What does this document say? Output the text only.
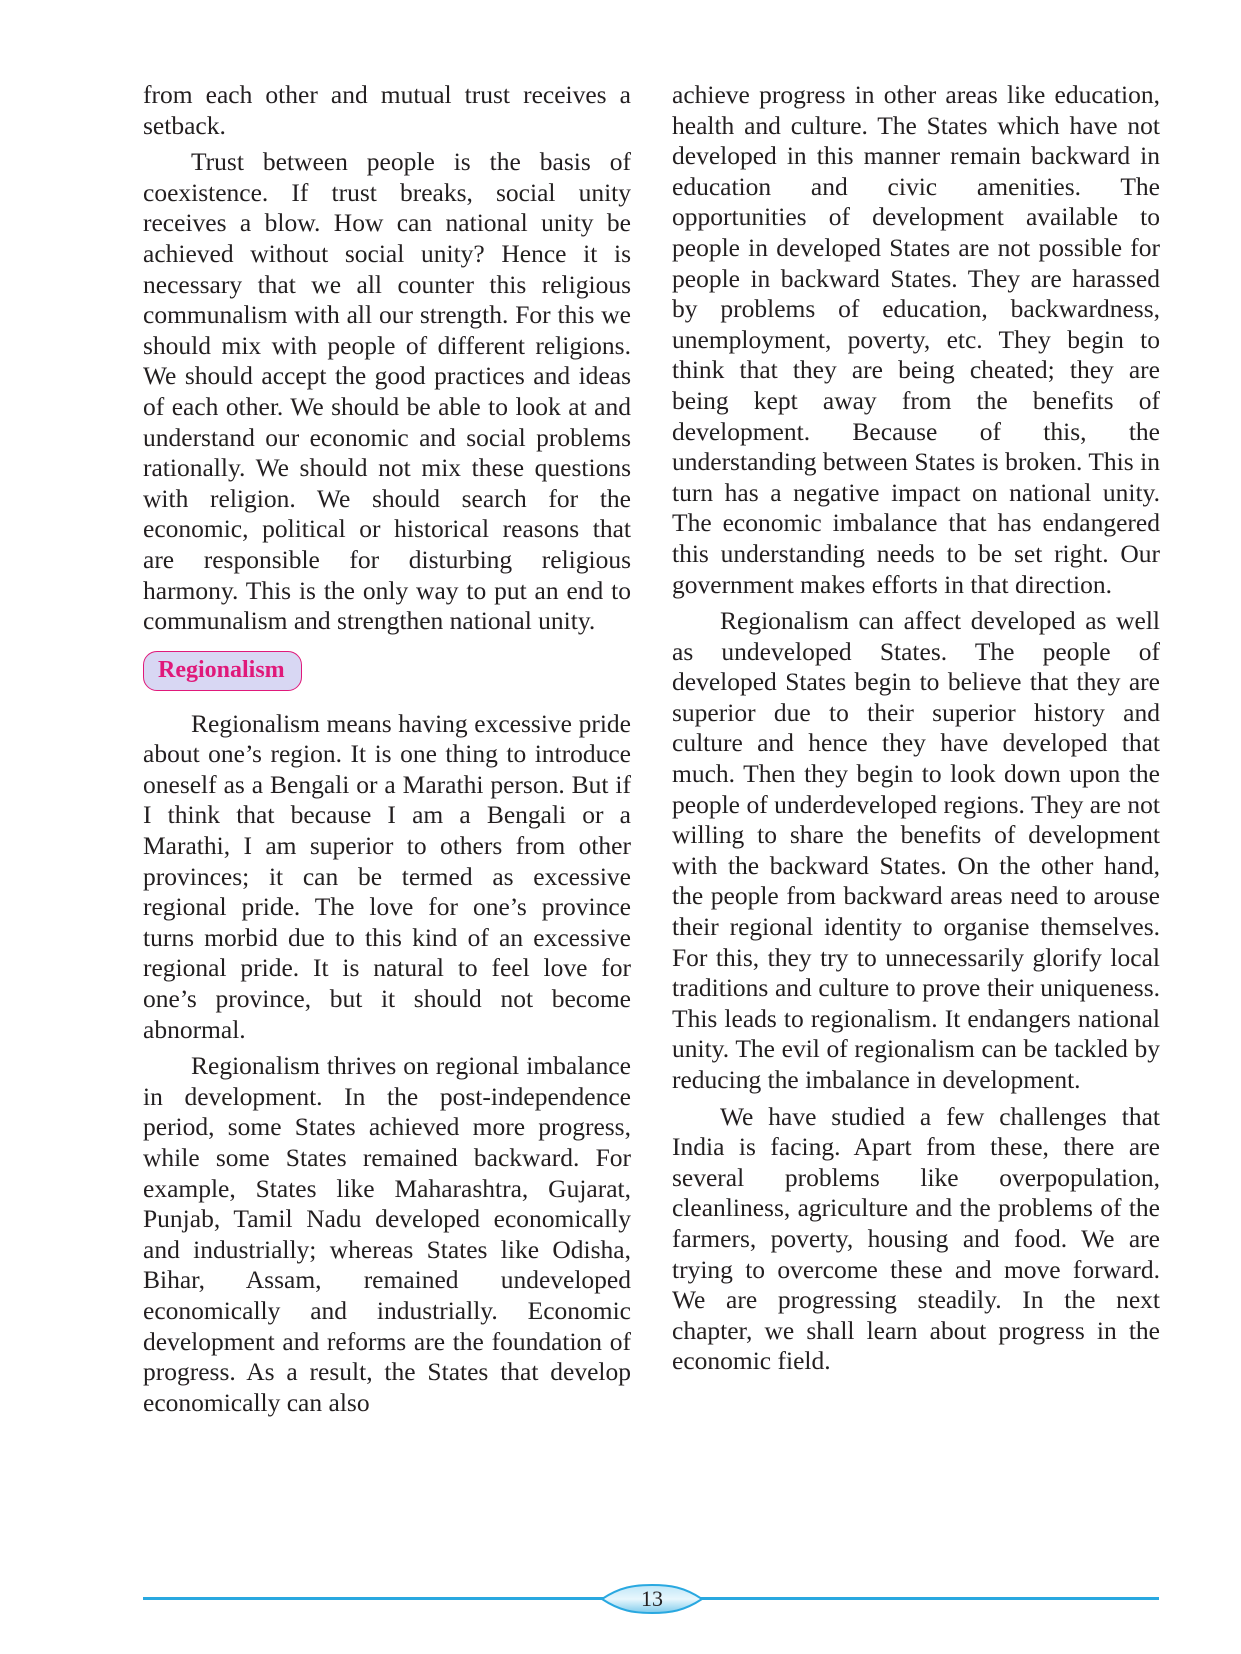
from each other and mutual trust receives a setback.

Trust between people is the basis of coexistence. If trust breaks, social unity receives a blow. How can national unity be achieved without social unity? Hence it is necessary that we all counter this religious communalism with all our strength. For this we should mix with people of different religions. We should accept the good practices and ideas of each other. We should be able to look at and understand our economic and social problems rationally. We should not mix these questions with religion. We should search for the economic, political or historical reasons that are responsible for disturbing religious harmony. This is the only way to put an end to communalism and strengthen national unity.

Regionalism

Regionalism means having excessive pride about one’s region. It is one thing to introduce oneself as a Bengali or a Marathi person. But if I think that because I am a Bengali or a Marathi, I am superior to others from other provinces; it can be termed as excessive regional pride. The love for one’s province turns morbid due to this kind of an excessive regional pride. It is natural to feel love for one’s province, but it should not become abnormal.

Regionalism thrives on regional imbalance in development. In the post-independence period, some States achieved more progress, while some States remained backward. For example, States like Maharashtra, Gujarat, Punjab, Tamil Nadu developed economically and industrially; whereas States like Odisha, Bihar, Assam, remained undeveloped economically and industrially. Economic development and reforms are the foundation of progress. As a result, the States that develop economically can also

achieve progress in other areas like education, health and culture. The States which have not developed in this manner remain backward in education and civic amenities. The opportunities of development available to people in developed States are not possible for people in backward States. They are harassed by problems of education, backwardness, unemployment, poverty, etc. They begin to think that they are being cheated; they are being kept away from the benefits of development. Because of this, the understanding between States is broken. This in turn has a negative impact on national unity. The economic imbalance that has endangered this understanding needs to be set right. Our government makes efforts in that direction.

Regionalism can affect developed as well as undeveloped States. The people of developed States begin to believe that they are superior due to their superior history and culture and hence they have developed that much. Then they begin to look down upon the people of underdeveloped regions. They are not willing to share the benefits of development with the backward States. On the other hand, the people from backward areas need to arouse their regional identity to organise themselves. For this, they try to unnecessarily glorify local traditions and culture to prove their uniqueness. This leads to regionalism. It endangers national unity. The evil of regionalism can be tackled by reducing the imbalance in development.

We have studied a few challenges that India is facing. Apart from these, there are several problems like overpopulation, cleanliness, agriculture and the problems of the farmers, poverty, housing and food. We are trying to overcome these and move forward. We are progressing steadily. In the next chapter, we shall learn about progress in the economic field.

13
